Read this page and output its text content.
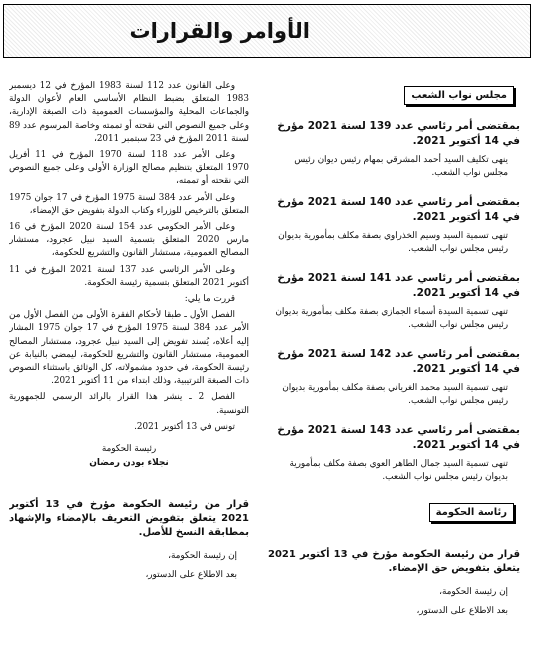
الأوامر والقرارات
مجلس نواب الشعب
بمقتضى أمر رئاسي عدد 139 لسنة 2021 مؤرخ في 14 أكتوبر 2021.
ينهى تكليف السيد أحمد المشرقي بمهام رئيس ديوان رئيس مجلس نواب الشعب.
بمقتضى أمر رئاسي عدد 140 لسنة 2021 مؤرخ في 14 أكتوبر 2021.
تنهى تسمية السيد وسيم الخذراوي بصفة مكلف بمأمورية بديوان رئيس مجلس نواب الشعب.
بمقتضى أمر رئاسي عدد 141 لسنة 2021 مؤرخ في 14 أكتوبر 2021.
تنهى تسمية السيدة أسماء الجمازي بصفة مكلف بمأمورية بديوان رئيس مجلس نواب الشعب.
بمقتضى أمر رئاسي عدد 142 لسنة 2021 مؤرخ في 14 أكتوبر 2021.
تنهى تسمية السيد محمد الغرياني بصفة مكلف بمأمورية بديوان رئيس مجلس نواب الشعب.
بمقتضى أمر رئاسي عدد 143 لسنة 2021 مؤرخ في 14 أكتوبر 2021.
تنهى تسمية السيد جمال الطاهر العوي بصفة مكلف بمأمورية بديوان رئيس مجلس نواب الشعب.
رئاسة الحكومة
قرار من رئيسة الحكومة مؤرخ في 13 أكتوبر 2021 يتعلق بتفويض حق الإمضاء.
إن رئيسة الحكومة،
بعد الاطلاع على الدستور،

وعلى القانون عدد 112 لسنة 1983 المؤرخ في 12 ديسمبر 1983 المتعلق بضبط النظام الأساسي العام لأعوان الدولة والجماعات المحلية والمؤسسات العمومية ذات الصبغة الإدارية، وعلى جميع النصوص التي نقحته أو تممته وخاصة المرسوم عدد 89 لسنة 2011 المؤرخ في 23 سبتمبر 2011،

وعلى الأمر عدد 118 لسنة 1970 المؤرخ في 11 أفريل 1970 المتعلق بتنظيم مصالح الوزارة الأولى وعلى جميع النصوص التي نقحته أو تممته،

وعلى الأمر عدد 384 لسنة 1975 المؤرخ في 17 جوان 1975 المتعلق بالترخيص للوزراء وكتاب الدولة بتفويض حق الإمضاء،

وعلى الأمر الحكومي عدد 154 لسنة 2020 المؤرخ في 16 مارس 2020 المتعلق بتسمية السيد نبيل عجرود، مستشار المصالح العمومية، مستشار القانون والتشريع للحكومة،

وعلى الأمر الرئاسي عدد 137 لسنة 2021 المؤرخ في 11 أكتوبر 2021 المتعلق بتسمية رئيسة الحكومة.

قررت ما يلي:

الفصل الأول ـ طبقا لأحكام الفقرة الأولى من الفصل الأول من الأمر عدد 384 لسنة 1975 المؤرخ في 17 جوان 1975 المشار إليه أعلاه، يُسند تفويض إلى السيد نبيل عجرود، مستشار المصالح العمومية، مستشار القانون والتشريع للحكومة، ليمضي بالنيابة عن رئيسة الحكومة، في حدود مشمولاته، كل الوثائق باستثناء النصوص ذات الصبغة الترتيبية، وذلك ابتداء من 11 أكتوبر 2021.

الفصل 2 ـ ينشر هذا القرار بالرائد الرسمي للجمهورية التونسية.

تونس في 13 أكتوبر 2021.

رئيسة الحكومة
نجلاء بودن رمضان
قرار من رئيسة الحكومة مؤرخ في 13 أكتوبر 2021 يتعلق بتفويض التعريف بالإمضاء والإشهاد بمطابقة النسخ للأصل.
إن رئيسة الحكومة،
بعد الاطلاع على الدستور،
